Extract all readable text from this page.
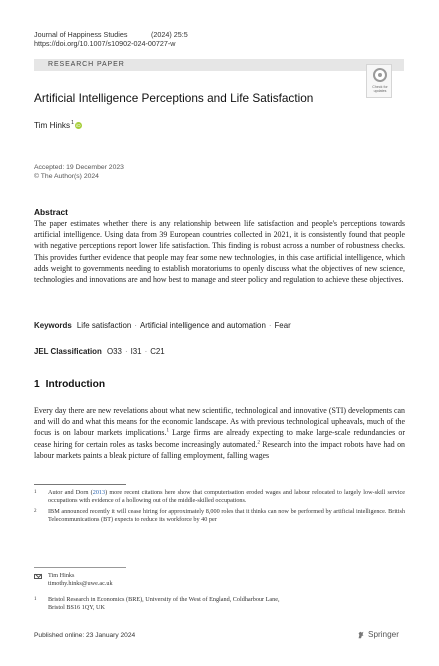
Journal of Happiness Studies	(2024) 25:5
https://doi.org/10.1007/s10902-024-00727-w
RESEARCH PAPER
Check for updates
Artificial Intelligence Perceptions and Life Satisfaction
Tim Hinks$^1$ iD
Accepted: 19 December 2023
© The Author(s) 2024
Abstract

The paper estimates whether there is any relationship between life satisfaction and people's perceptions towards artificial intelligence. Using data from 39 European countries collected in 2021, it is consistently found that people with negative perceptions report lower life satisfaction. This finding is robust across a number of robustness checks. This provides further evidence that people may fear some new technologies, in this case artificial intelligence, which adds weight to governments needing to establish moratoriums to openly discuss what the objectives of new science, technologies and innovations are and how best to manage and steer policy and regulation to achieve these objectives.

Keywords Life satisfaction · Artificial intelligence and automation · Fear
JEL Classification O33 · I31 · C21
1 Introduction

Every day there are new revelations about what new scientific, technological and innovative (STI) developments can and will do and what this means for the economic landscape. As with previous technological upheavals, much of the focus is on labour markets implications.$^1$ Large firms are already expecting to make large-scale redundancies or cease hiring for certain roles as tasks become increasingly automated.$^2$ Research into the impact robots have had on labour markets paints a bleak picture of falling employment, falling wages

1	Autor and Dorn (2013) more recent citations here show that computerisation eroded wages and labour relocated to largely low-skill service occupations with evidence of a hollowing out of the middle-skilled occupations.
2	IBM announced recently it will cease hiring for approximately 8,000 roles that it thinks can now be performed by artificial intelligence. British Telecommunications (BT) expects to reduce its workforce by 40 per
Tim Hinks
timothy.hinks@uwe.ac.uk
1	Bristol Research in Economics (BRE), University of the West of England, Coldharbour Lane,
Bristol BS16 1QY, UK
Published online: 23 January 2024	Springer
